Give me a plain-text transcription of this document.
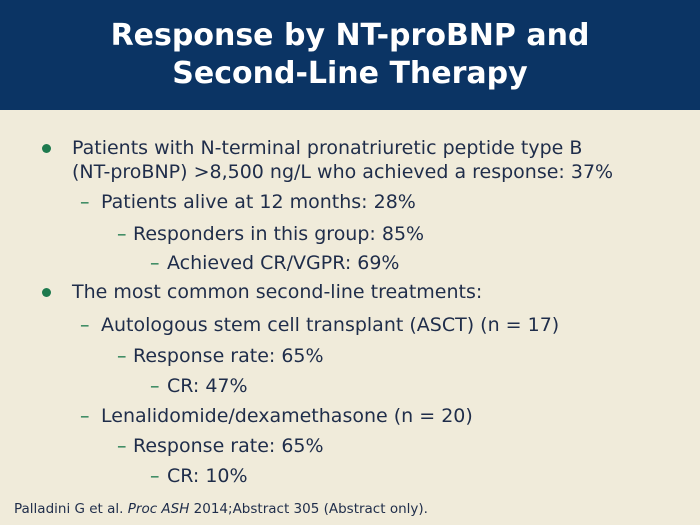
Response by NT-proBNP and
Second-Line Therapy
Patients with N-terminal pronatriuretic peptide type B
(NT-proBNP) >8,500 ng/L who achieved a response: 37%
– Patients alive at 12 months: 28%
– Responders in this group: 85%
– Achieved CR/VGPR: 69%
The most common second-line treatments:
– Autologous stem cell transplant (ASCT) (n = 17)
– Response rate: 65%
– CR: 47%
– Lenalidomide/dexamethasone (n = 20)
– Response rate: 65%
– CR: 10%
Palladini G et al. Proc ASH 2014;Abstract 305 (Abstract only).
